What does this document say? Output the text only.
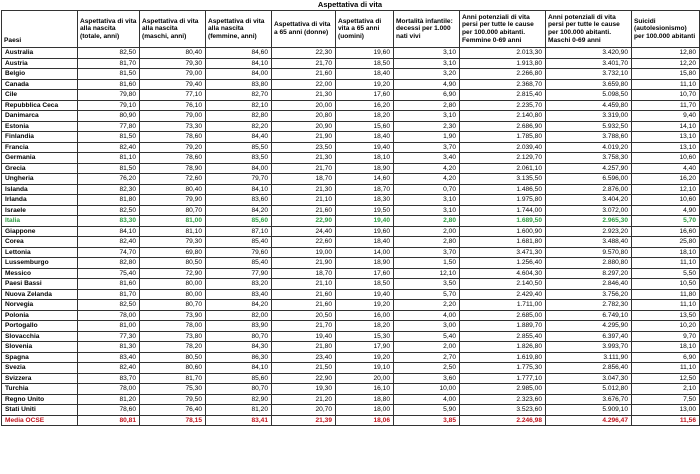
Aspettativa di vita
Paesi	Aspettativa di vita alla nascita (totale, anni)	Aspettativa di vita alla nascita (maschi, anni)	Aspettativa di vita alla nascita (femmine, anni)	Aspettativa di vita a 65 anni (donne)	Aspettativa di vita a 65 anni (uomini)	Mortalità infantile: decessi per 1.000 nati vivi	Anni potenziali di vita persi per tutte le cause per 100.000 abitanti. Femmine 0-69 anni	Anni potenziali di vita persi per tutte le cause per 100.000 abitanti. Maschi 0-69 anni	Suicidi (autolesionismo) per 100.000 abitanti
Australia	82,50	80,40	84,60	22,30	19,60	3,10	2.013,30	3.420,90	12,80
Austria	81,70	79,30	84,10	21,70	18,50	3,10	1.913,80	3.401,70	12,20
Belgio	81,50	79,00	84,00	21,60	18,40	3,20	2.266,80	3.732,10	15,80
Canada	81,60	79,40	83,80	22,00	19,20	4,90	2.368,70	3.659,80	11,10
Cile	79,80	77,10	82,70	21,30	17,60	6,90	2.815,40	5.098,50	10,70
Repubblica Ceca	79,10	76,10	82,10	20,00	16,20	2,80	2.235,70	4.459,80	11,70
Danimarca	80,90	79,00	82,80	20,80	18,20	3,10	2.140,80	3.319,00	9,40
Estonia	77,80	73,30	82,20	20,90	15,60	2,30	2.686,90	5.932,50	14,10
Finlandia	81,50	78,60	84,40	21,90	18,40	1,90	1.785,80	3.788,60	13,10
Francia	82,40	79,20	85,50	23,50	19,40	3,70	2.039,40	4.019,20	13,10
Germania	81,10	78,60	83,50	21,30	18,10	3,40	2.129,70	3.758,30	10,60
Grecia	81,50	78,90	84,00	21,70	18,90	4,20	2.061,10	4.257,90	4,40
Ungheria	76,20	72,60	79,70	18,70	14,60	4,20	3.135,50	6.596,00	16,20
Islanda	82,30	80,40	84,10	21,30	18,70	0,70	1.486,50	2.876,00	12,10
Irlanda	81,80	79,90	83,60	21,10	18,30	3,10	1.975,80	3.404,20	10,60
Israele	82,50	80,70	84,20	21,60	19,50	3,10	1.744,00	3.072,00	4,90
Italia	83,30	81,00	85,60	22,90	19,40	2,80	1.689,50	2.965,30	5,70
Giappone	84,10	81,10	87,10	24,40	19,60	2,00	1.600,90	2.923,20	16,60
Corea	82,40	79,30	85,40	22,60	18,40	2,80	1.681,80	3.488,40	25,80
Lettonia	74,70	69,80	79,60	19,00	14,00	3,70	3.471,30	9.570,80	18,10
Lussemburgo	82,80	80,50	85,40	21,90	18,90	1,50	1.256,40	2.880,80	11,10
Messico	75,40	72,90	77,90	18,70	17,60	12,10	4.604,30	8.297,20	5,50
Paesi Bassi	81,60	80,00	83,20	21,10	18,50	3,50	2.140,50	2.846,40	10,50
Nuova Zelanda	81,70	80,00	83,40	21,60	19,40	5,70	2.429,40	3.756,20	11,80
Norvegia	82,50	80,70	84,20	21,60	19,20	2,20	1.711,00	2.782,30	11,10
Polonia	78,00	73,90	82,00	20,50	16,00	4,00	2.685,00	6.749,10	13,50
Portogallo	81,00	78,00	83,90	21,70	18,20	3,00	1.889,70	4.295,90	10,20
Slovacchia	77,30	73,80	80,70	19,40	15,30	5,40	2.855,40	6.397,40	9,70
Slovenia	81,30	78,20	84,30	21,80	17,90	2,00	1.826,80	3.993,70	18,10
Spagna	83,40	80,50	86,30	23,40	19,20	2,70	1.619,80	3.111,90	6,90
Svezia	82,40	80,60	84,10	21,50	19,10	2,50	1.775,30	2.856,40	11,10
Svizzera	83,70	81,70	85,60	22,90	20,00	3,60	1.777,10	3.047,30	12,50
Turchia	78,00	75,30	80,70	19,30	16,10	10,00	2.985,00	5.012,80	2,10
Regno Unito	81,20	79,50	82,90	21,20	18,80	4,00	2.323,60	3.676,70	7,50
Stati Uniti	78,60	76,40	81,20	20,70	18,00	5,90	3.523,60	5.909,10	13,00
Media OCSE	80,81	78,15	83,41	21,39	18,06	3,85	2.246,98	4.296,47	11,56
